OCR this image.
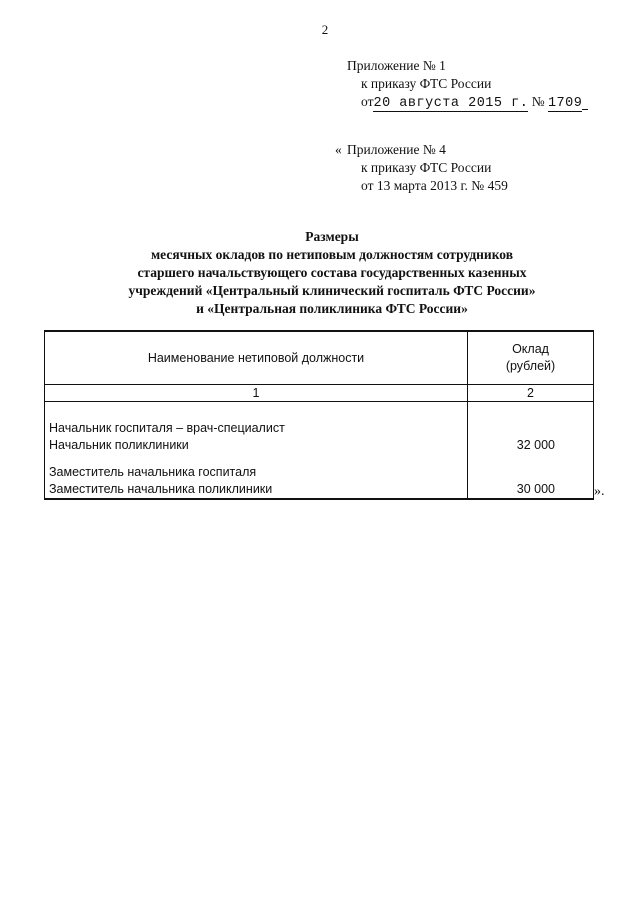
2
Приложение № 1
к приказу ФТС России
от20 августа 2015 г. № 1709
« Приложение № 4
к приказу ФТС России
от 13 марта 2013 г. № 459
Размеры
месячных окладов по нетиповым должностям сотрудников
старшего начальствующего состава государственных казенных
учреждений «Центральный клинический госпиталь ФТС России»
и «Центральная поликлиника ФТС России»
Наименование нетиповой должности	Оклад
(рублей)

1	2

Начальник госпиталя – врач-специалист
Начальник поликлиники	32 000

Заместитель начальника госпиталя
Заместитель начальника поликлиники	30 000	».
